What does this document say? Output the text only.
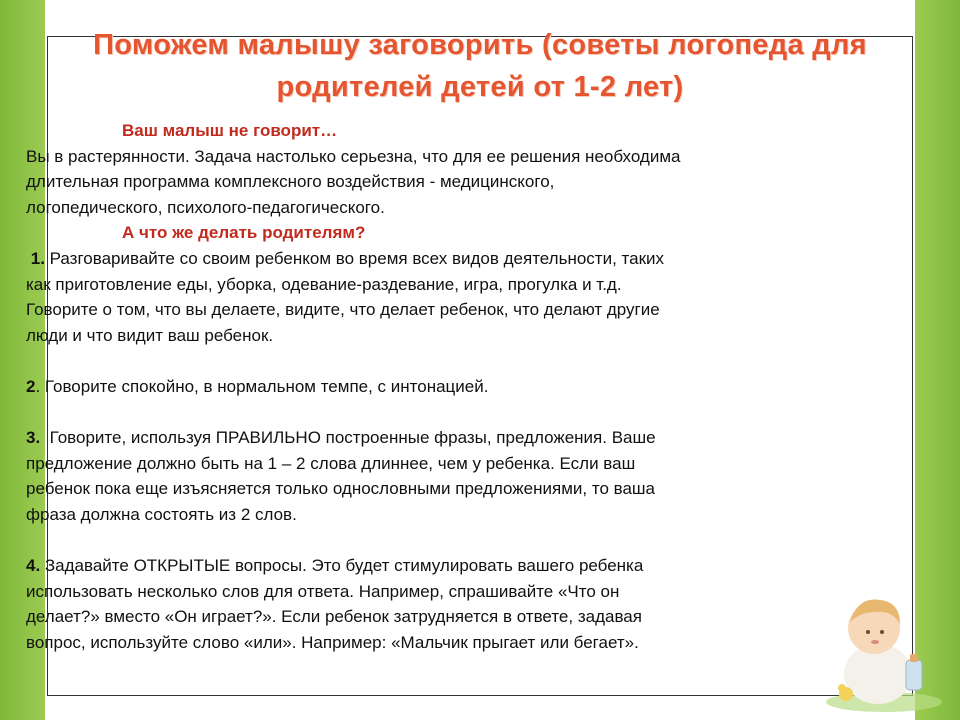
Поможем малышу заговорить (советы логопеда для
родителей детей от 1-2 лет)

Ваш малыш не говорит…

Вы в растерянности. Задача настолько серьезна, что для ее решения необходима

длительная программа комплексного воздействия - медицинского,

логопедического, психолого-педагогического.

А что же делать родителям?

1. Разговаривайте со своим ребенком во время всех видов деятельности, таких

как приготовление еды, уборка, одевание-раздевание, игра, прогулка и т.д.

Говорите о том, что вы делаете, видите, что делает ребенок, что делают другие

люди и что видит ваш ребенок.

2. Говорите спокойно, в нормальном темпе, с интонацией.

3.  Говорите, используя ПРАВИЛЬНО построенные фразы, предложения. Ваше

предложение должно быть на 1 – 2 слова длиннее, чем у ребенка. Если ваш

ребенок пока еще изъясняется только однословными предложениями, то ваша

фраза должна состоять из 2 слов.

4. Задавайте ОТКРЫТЫЕ вопросы. Это будет стимулировать вашего ребенка

использовать несколько слов для ответа. Например, спрашивайте «Что он

делает?» вместо «Он играет?». Если ребенок затрудняется в ответе, задавая

вопрос, используйте слово «или». Например: «Мальчик прыгает или бегает».
